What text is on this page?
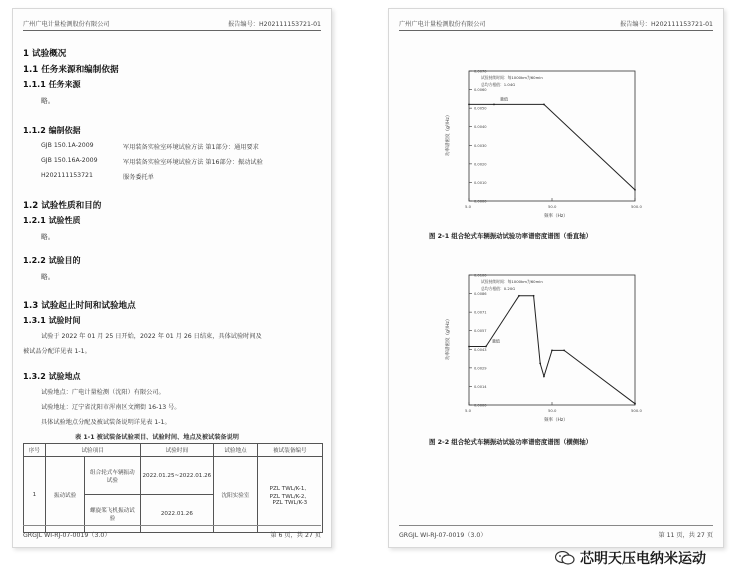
广州广电计量检测股份有限公司	报告编号：H202111153721-01
1 试验概况
1.1 任务来源和编制依据
1.1.1 任务来源
略。
1.1.2 编制依据
GJB 150.1A-2009	军用装备实验室环境试验方法 第1部分：通用要求
GJB 150.16A-2009	军用装备实验室环境试验方法 第16部分：振动试验
H202111153721	服务委托单
1.2 试验性质和目的
1.2.1 试验性质
略。
1.2.2 试验目的
略。
1.3 试验起止时间和试验地点
1.3.1 试验时间
试验于 2022 年 01 月 25 日开始，2022 年 01 月 26 日结束，具体试验时间及
被试品分配详见表 1-1。
1.3.2 试验地点
试验地点：广电计量检测（沈阳）有限公司。
试验地址：辽宁省沈阳市浑南区文溯街 16-13 号。
具体试验地点分配及被试装备说明详见表 1-1。
表 1-1 被试装备试验项目、试验时间、地点及被试装备说明
序号	试验项目		试验时间	试验地点	被试装备编号
1	振动试验	组合轮式车辆振动试验	2022.01.25~2022.01.26	沈阳实验室	PZL TWL/K-1、
PZL TWL/K-2、
PZL TWL/K-3

		螺旋桨飞机振动试验	2022.01.26		
GRGJL WI-RJ-07-0019（3.0）	第 6 页，共 27 页
广州广电计量检测股份有限公司	报告编号：H202111153721-01
0.0000
0.0010
0.0020
0.0030
0.0040
0.0050
0.0060
0.0070
5.0	50.0	500.0
频率（Hz）
功率谱密度（g²/Hz）
试验持续时间：每1000km为60min
总均方根值：1.04G
量值
图 2-1 组合轮式车辆振动试验功率谱密度谱图（垂直轴）
0.0000
0.0014
0.0029
0.0043
0.0057
0.0071
0.0086
0.0100
5.0	50.0	500.0
频率（Hz）
功率谱密度（g²/Hz）
试验持续时间：每1000km为60min
总均方根值：0.20G
量值
图 2-2 组合轮式车辆振动试验功率谱密度谱图（横侧轴）
GRGJL WI-RJ-07-0019（3.0）	第 11 页，共 27 页
芯明天压电纳米运动
